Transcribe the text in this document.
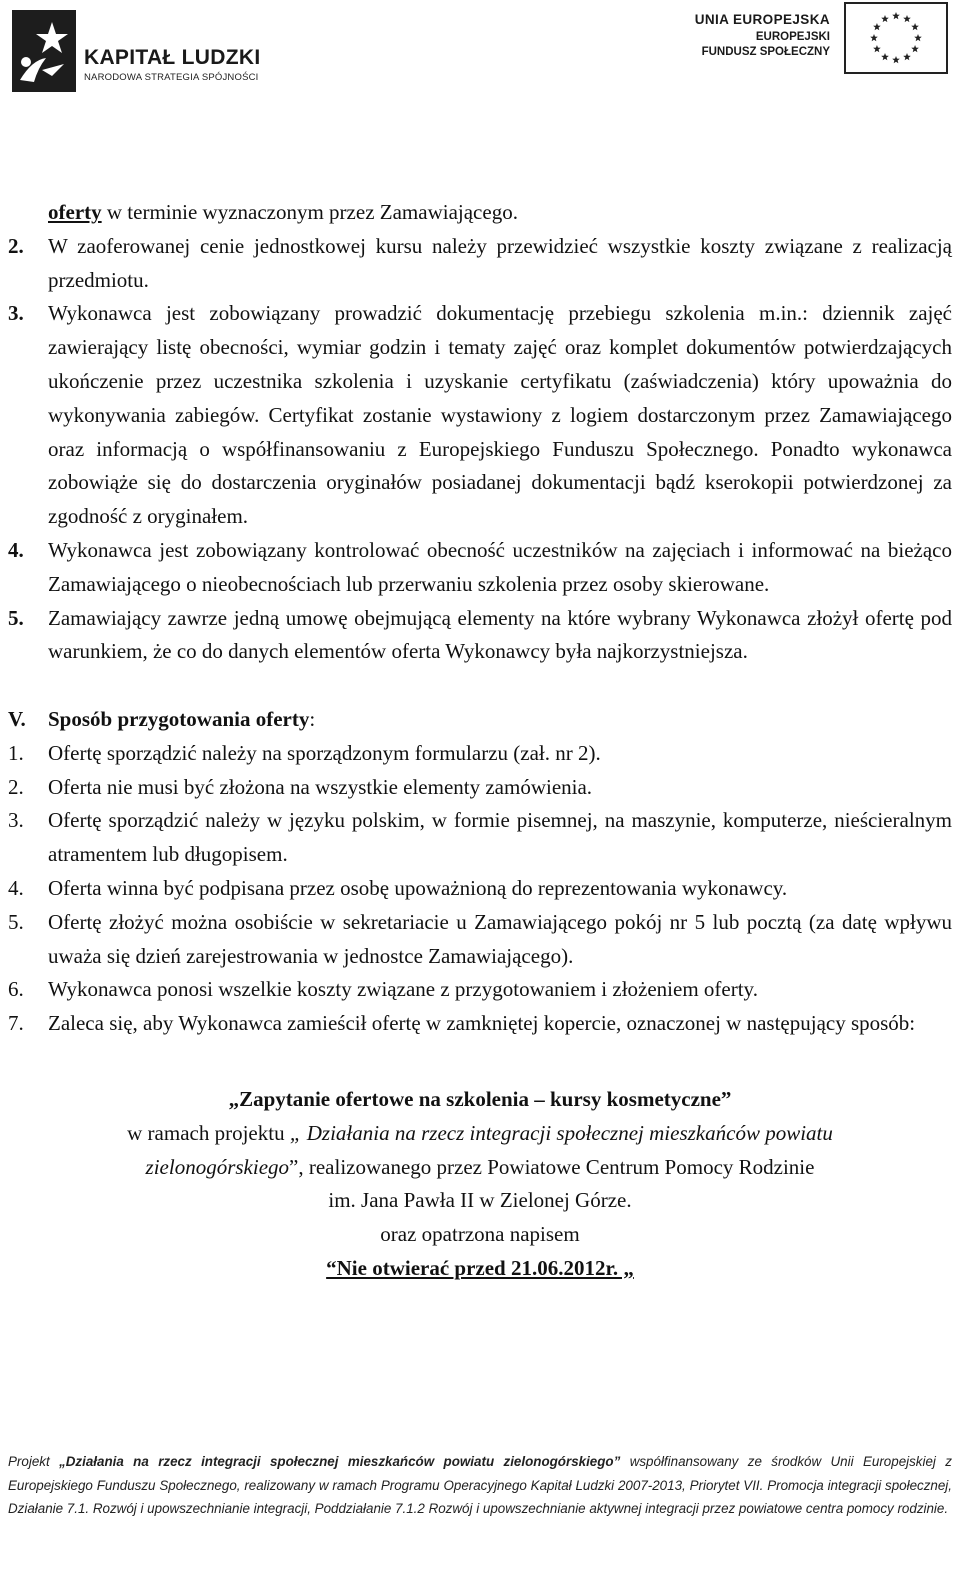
KAPITAŁ LUDZKI
NARODOWA STRATEGIA SPÓJNOŚCI
UNIA EUROPEJSKA
EUROPEJSKI
FUNDUSZ SPOŁECZNY
oferty w terminie wyznaczonym przez Zamawiającego.
2. W zaoferowanej cenie jednostkowej kursu należy przewidzieć wszystkie koszty związane z realizacją przedmiotu.
3. Wykonawca jest zobowiązany prowadzić dokumentację przebiegu szkolenia m.in.: dziennik zajęć zawierający listę obecności, wymiar godzin i tematy zajęć oraz komplet dokumentów potwierdzających ukończenie przez uczestnika szkolenia i uzyskanie certyfikatu (zaświadczenia) który upoważnia do wykonywania zabiegów. Certyfikat zostanie wystawiony z logiem dostarczonym przez Zamawiającego oraz informacją o współfinansowaniu z Europejskiego Funduszu Społecznego. Ponadto wykonawca zobowiąże się do dostarczenia oryginałów posiadanej dokumentacji bądź kserokopii potwierdzonej za zgodność z oryginałem.
4. Wykonawca jest zobowiązany kontrolować obecność uczestników na zajęciach i informować na bieżąco Zamawiającego o nieobecnościach lub przerwaniu szkolenia przez osoby skierowane.
5. Zamawiający zawrze jedną umowę obejmującą elementy na które wybrany Wykonawca złożył ofertę pod warunkiem, że co do danych elementów oferta Wykonawcy była najkorzystniejsza.
V. Sposób przygotowania oferty:
1. Ofertę sporządzić należy na sporządzonym formularzu (zał. nr 2).
2. Oferta nie musi być złożona na wszystkie elementy zamówienia.
3. Ofertę sporządzić należy w języku polskim, w formie pisemnej, na maszynie, komputerze, nieścieralnym atramentem lub długopisem.
4. Oferta winna być podpisana przez osobę upoważnioną do reprezentowania wykonawcy.
5. Ofertę złożyć można osobiście w sekretariacie u Zamawiającego pokój nr 5 lub pocztą (za datę wpływu uważa się dzień zarejestrowania w jednostce Zamawiającego).
6. Wykonawca ponosi wszelkie koszty związane z przygotowaniem i złożeniem oferty.
7. Zaleca się, aby Wykonawca zamieścił ofertę w zamkniętej kopercie, oznaczonej w następujący sposób:
„Zapytanie ofertowe na szkolenia – kursy kosmetyczne”
w ramach projektu „ Działania na rzecz integracji społecznej mieszkańców powiatu
zielonogórskiego”, realizowanego przez Powiatowe Centrum Pomocy Rodzinie
im. Jana Pawła II w Zielonej Górze.
oraz opatrzona napisem
“Nie otwierać przed 21.06.2012r. „
Projekt „Działania na rzecz integracji społecznej mieszkańców powiatu zielonogórskiego” współfinansowany ze środków Unii Europejskiej z Europejskiego Funduszu Społecznego, realizowany w ramach Programu Operacyjnego Kapitał Ludzki 2007-2013, Priorytet VII. Promocja integracji społecznej, Działanie 7.1. Rozwój i upowszechnianie integracji, Poddziałanie 7.1.2 Rozwój i upowszechnianie aktywnej integracji przez powiatowe centra pomocy rodzinie.
